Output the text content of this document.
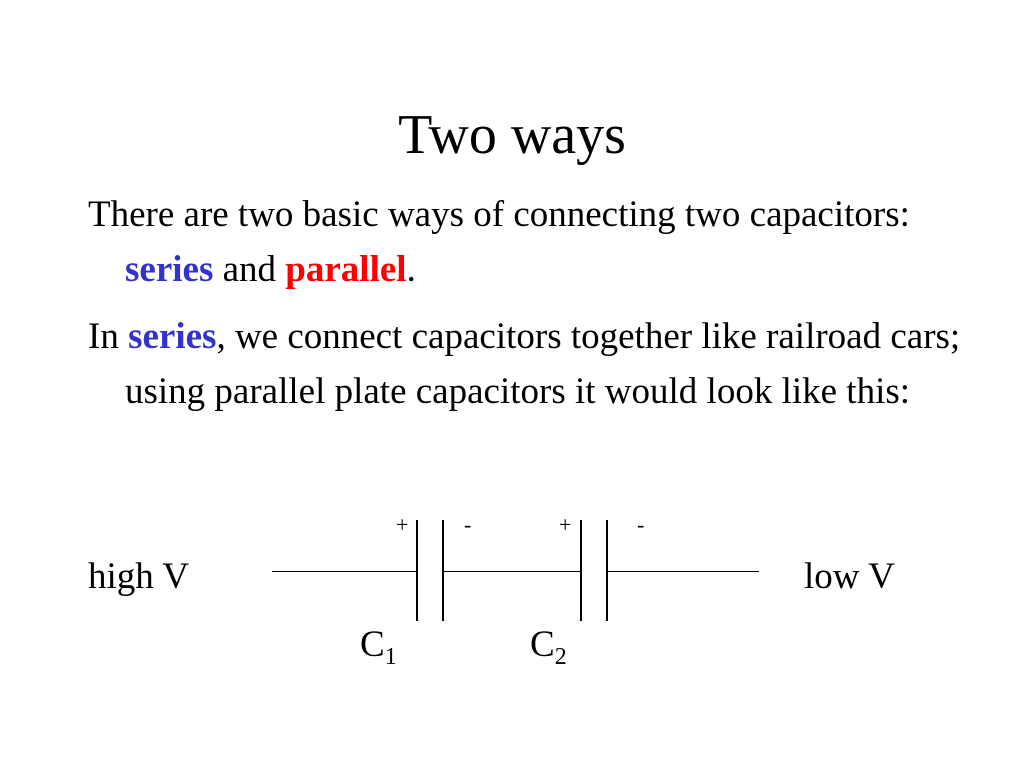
Two ways
There are two basic ways of connecting two capacitors: series and parallel.
In series, we connect capacitors together like railroad cars; using parallel plate capacitors it would look like this:
high V	low V
+	-	+	-
$C_1$	$C_2$
